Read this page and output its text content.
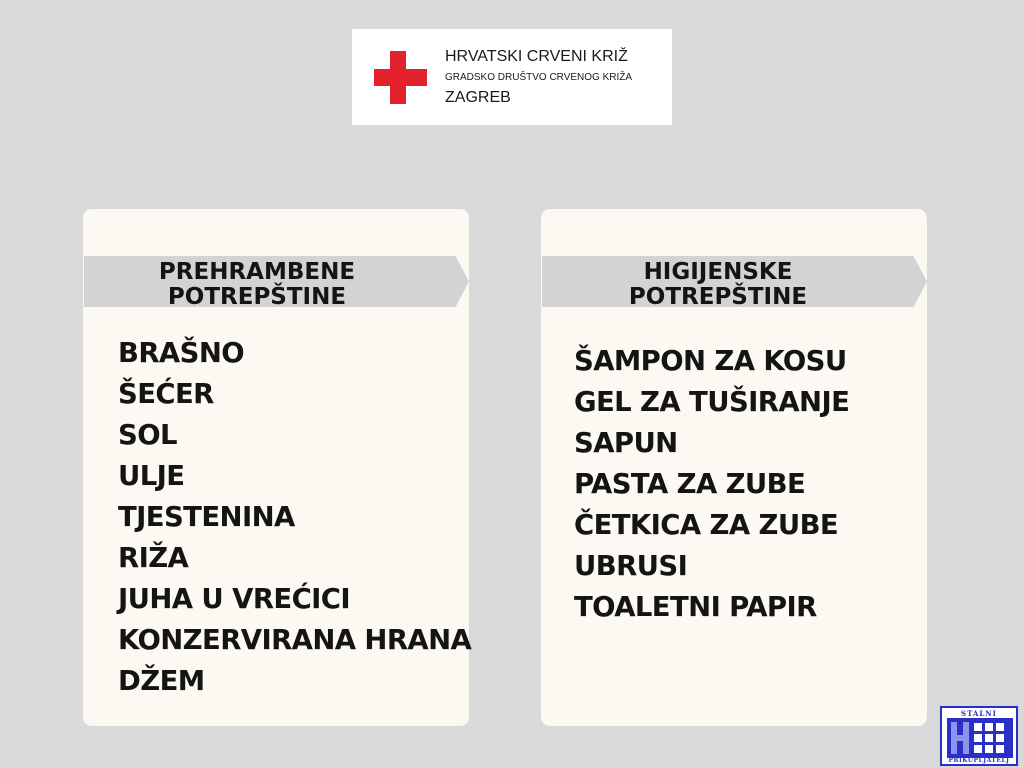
HRVATSKI CRVENI KRIŽ
GRADSKO DRUŠTVO CRVENOG KRIŽA
ZAGREB
PREHRAMBENE
POTREPŠTINE
BRAŠNO
ŠEĆER
SOL
ULJE
TJESTENINA
RIŽA
JUHA U VREĆICI
KONZERVIRANA HRANA
DŽEM
HIGIJENSKE
POTREPŠTINE
ŠAMPON ZA KOSU
GEL ZA TUŠIRANJE
SAPUN
PASTA ZA ZUBE
ČETKICA ZA ZUBE
UBRUSI
TOALETNI PAPIR
STALNI
PRIKUPLJATELJ
